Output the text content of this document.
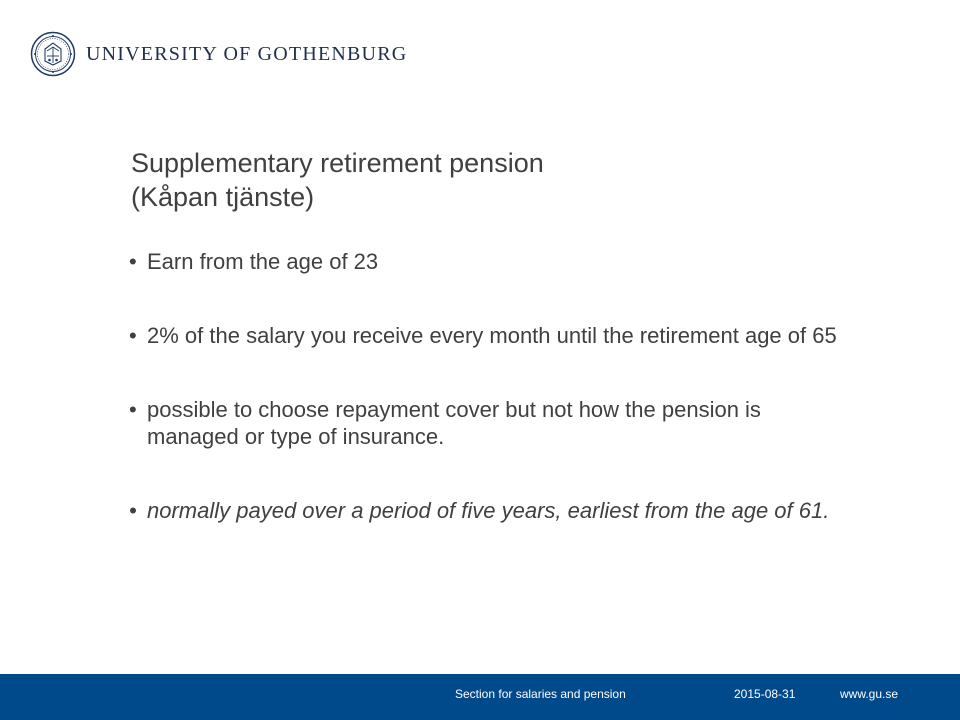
UNIVERSITY OF GOTHENBURG
Supplementary retirement pension
(Kåpan tjänste)
• Earn from the age of 23
• 2% of the salary you receive every month until the retirement age of 65
• possible to choose repayment cover but not how the pension is managed or type of insurance.
• normally payed over a period of five years, earliest from the age of 61.
Section for salaries and pension	2015-08-31	www.gu.se
